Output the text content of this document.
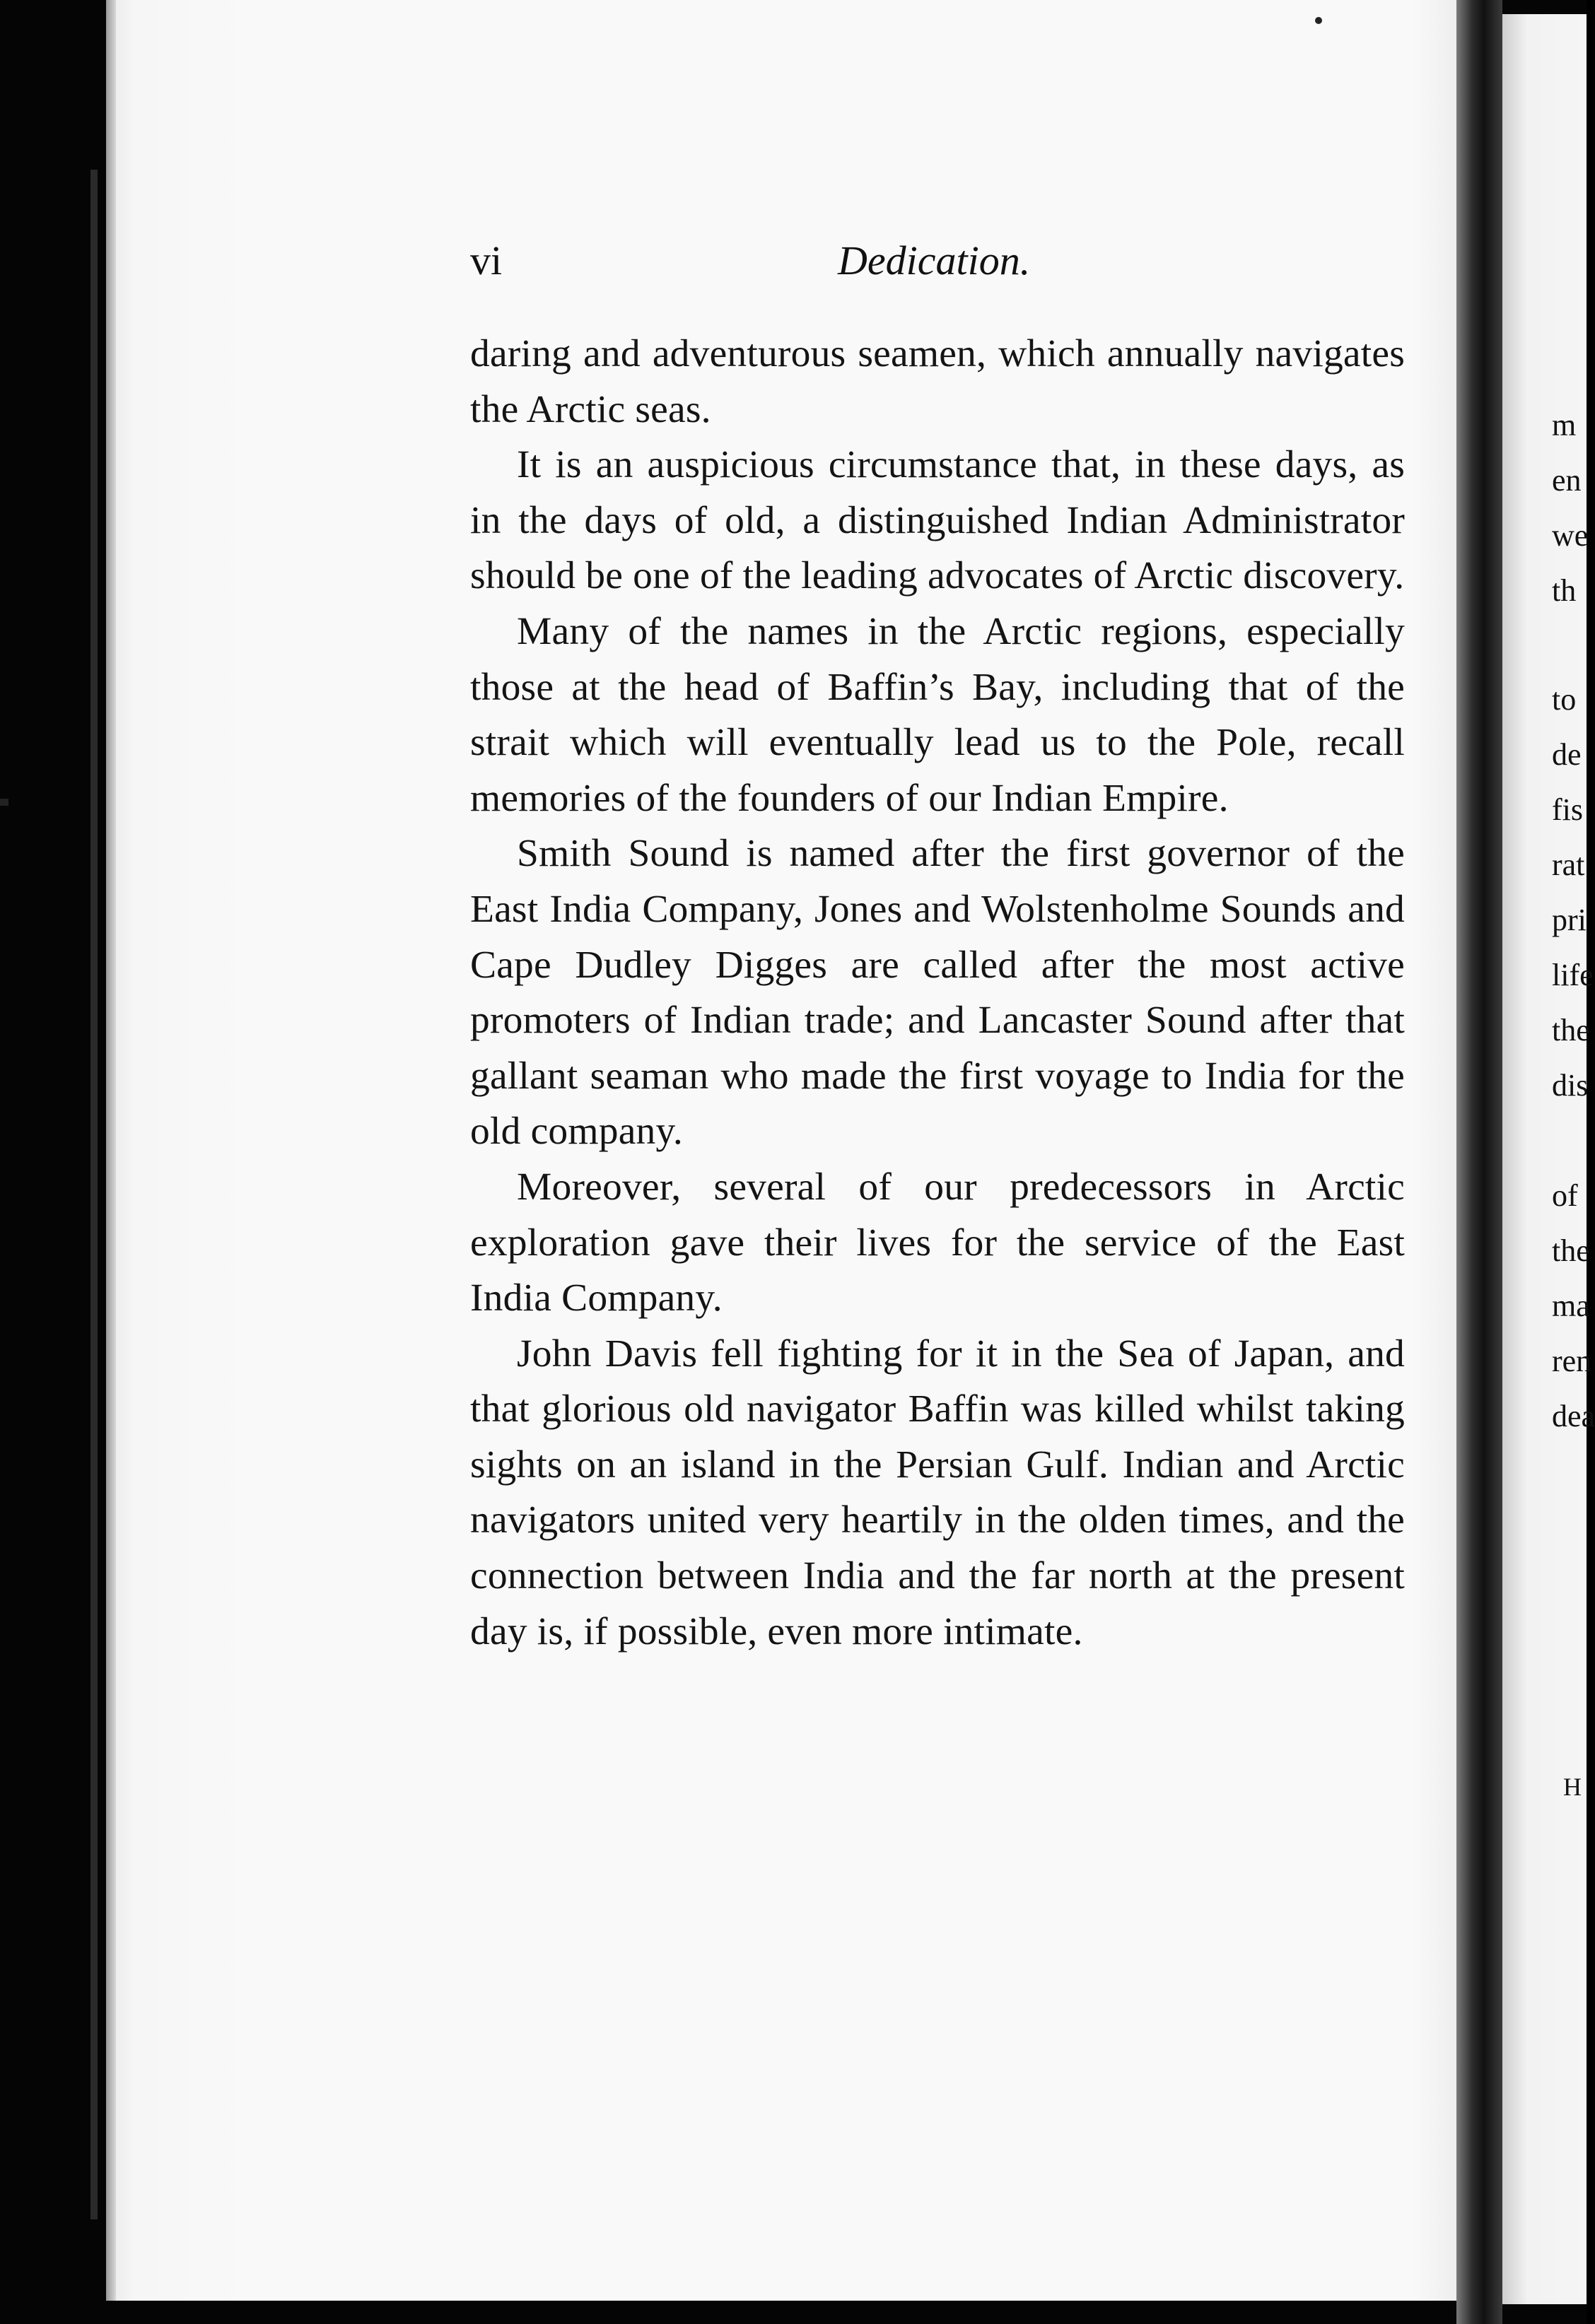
vi	Dedication.

daring and adventurous seamen, which annually navigates the Arctic seas.

It is an auspicious circumstance that, in these days, as in the days of old, a distinguished Indian Administrator should be one of the leading advocates of Arctic discovery.

Many of the names in the Arctic regions, especially those at the head of Baffin’s Bay, including that of the strait which will eventually lead us to the Pole, recall memories of the founders of our Indian Empire.

Smith Sound is named after the first governor of the East India Company, Jones and Wolstenholme Sounds and Cape Dudley Digges are called after the most active promoters of Indian trade; and Lancaster Sound after that gallant seaman who made the first voyage to India for the old company.

Moreover, several of our predecessors in Arctic exploration gave their lives for the service of the East India Company.

John Davis fell fighting for it in the Sea of Japan, and that glorious old navigator Baffin was killed whilst taking sights on an island in the Persian Gulf. Indian and Arctic navigators united very heartily in the olden times, and the connection between India and the far north at the present day is, if possible, even more intimate.

m
en
we
th
to
de
fis
rat
pri
life
the
dis
of
the
ma
ren
dea
H
